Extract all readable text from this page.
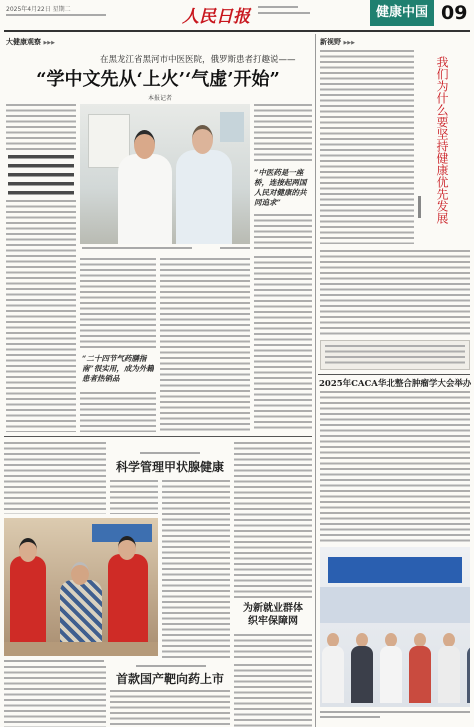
2025年4月22日 星期二	人民日报	健康中国 09
大健康观察 ▶▶▶
在黑龙江省黑河市中医医院，俄罗斯患者打趣说——
“学中文先从‘上火’‘气虚’开始”
本报记者
“中医药是一座桥，连接起两国人民对健康的共同追求”
“二十四节气药膳指南”很实用，成为外籍患者热销品
新视野 ▶▶▶
我们为什么要坚持健康优先发展
2025年CACA华北整合肿瘤学大会举办

科学管理甲状腺健康
为新就业群体织牢保障网
首款国产靶向药上市
